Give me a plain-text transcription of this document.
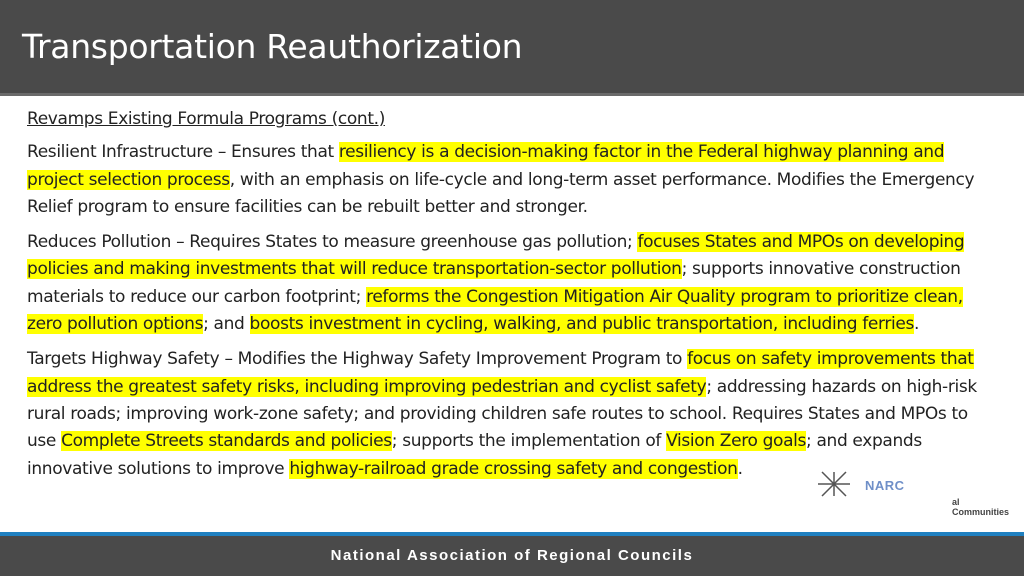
Transportation Reauthorization
Revamps Existing Formula Programs (cont.)

Resilient Infrastructure – Ensures that resiliency is a decision-making factor in the Federal highway planning and project selection process, with an emphasis on life-cycle and long-term asset performance. Modifies the Emergency Relief program to ensure facilities can be rebuilt better and stronger.

Reduces Pollution – Requires States to measure greenhouse gas pollution; focuses States and MPOs on developing policies and making investments that will reduce transportation-sector pollution; supports innovative construction materials to reduce our carbon footprint; reforms the Congestion Mitigation Air Quality program to prioritize clean, zero pollution options; and boosts investment in cycling, walking, and public transportation, including ferries.

Targets Highway Safety – Modifies the Highway Safety Improvement Program to focus on safety improvements that address the greatest safety risks, including improving pedestrian and cyclist safety; addressing hazards on high-risk rural roads; improving work-zone safety; and providing children safe routes to school. Requires States and MPOs to use Complete Streets standards and policies; supports the implementation of Vision Zero goals; and expands innovative solutions to improve highway-railroad grade crossing safety and congestion.

NARC
al Communities
National Association of Regional Councils
